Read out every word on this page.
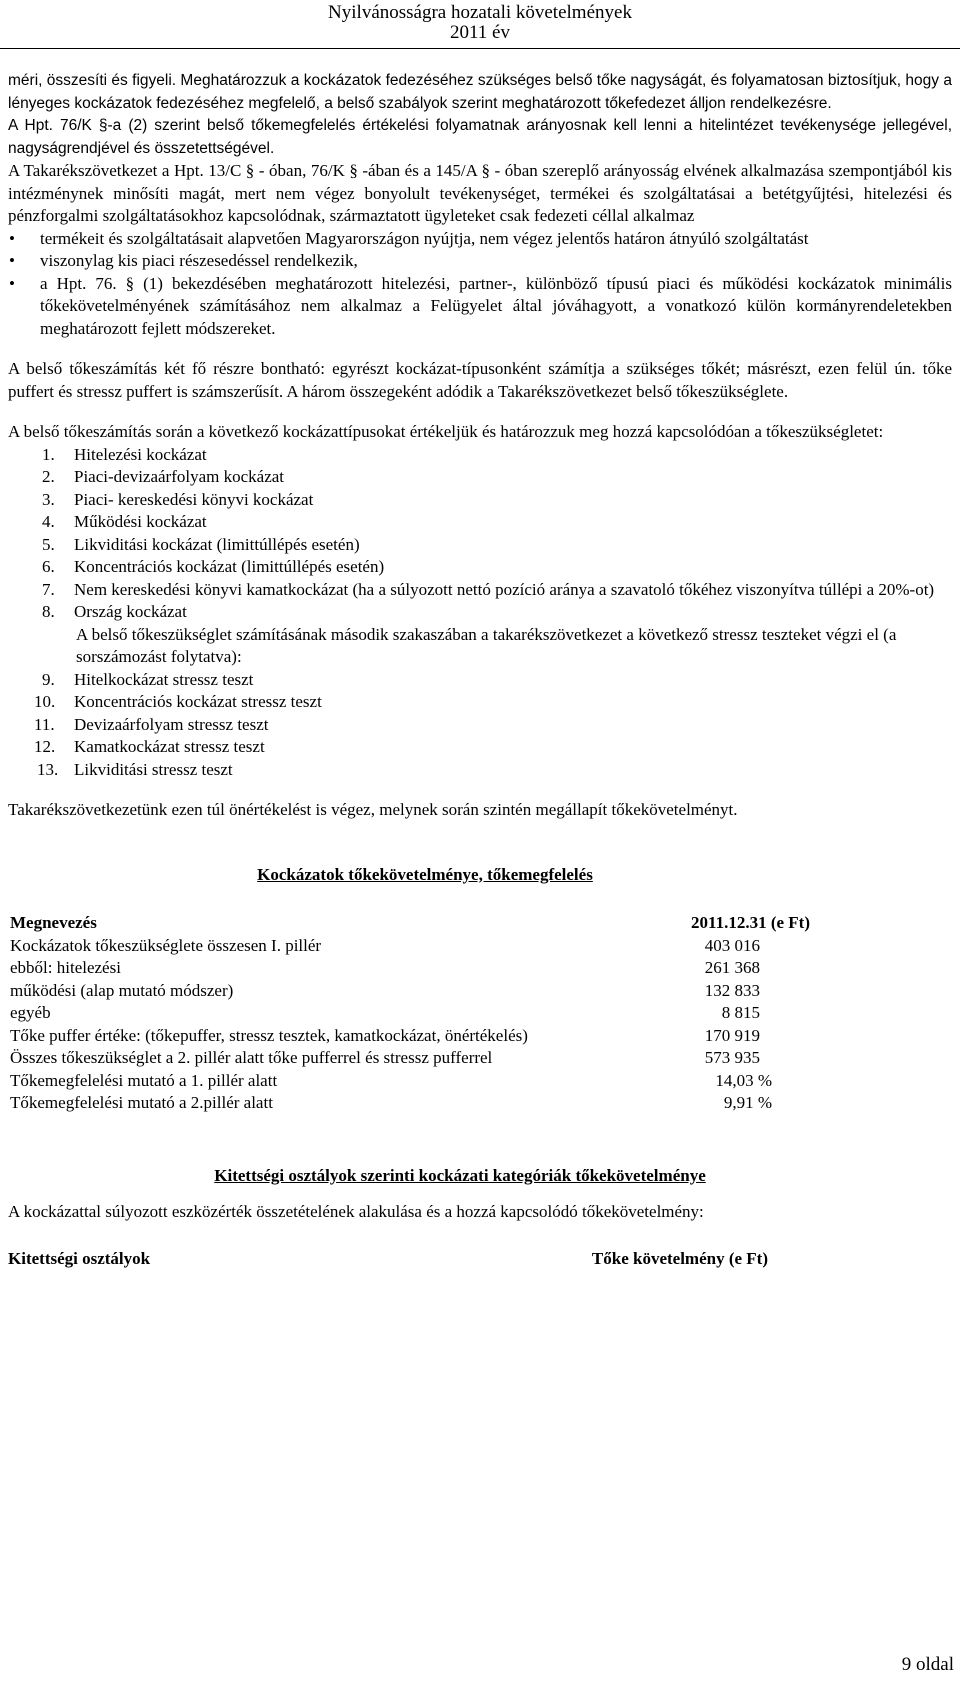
Nyilvánosságra hozatali követelmények
2011 év

méri, összesíti és figyeli. Meghatározzuk a kockázatok fedezéséhez szükséges belső tőke nagyságát, és folyamatosan biztosítjuk, hogy a lényeges kockázatok fedezéséhez megfelelő, a belső szabályok szerint meghatározott tőkefedezet álljon rendelkezésre.

A Hpt. 76/K §-a (2) szerint belső tőkemegfelelés értékelési folyamatnak arányosnak kell lenni a hitelintézet tevékenysége jellegével, nagyságrendjével és összetettségével.

A Takarékszövetkezet a Hpt. 13/C § - óban, 76/K § -ában és a 145/A § - óban szereplő arányosság elvének alkalmazása szempontjából kis intézménynek minősíti magát, mert nem végez bonyolult tevékenységet, termékei és szolgáltatásai a betétgyűjtési, hitelezési és pénzforgalmi szolgáltatásokhoz kapcsolódnak, származtatott ügyleteket csak fedezeti céllal alkalmaz

• termékeit és szolgáltatásait alapvetően Magyarországon nyújtja, nem végez jelentős határon átnyúló szolgáltatást
• viszonylag kis piaci részesedéssel rendelkezik,
• a Hpt. 76. § (1) bekezdésében meghatározott hitelezési, partner-, különböző típusú piaci és működési kockázatok minimális tőkekövetelményének számításához nem alkalmaz a Felügyelet által jóváhagyott, a vonatkozó külön kormányrendeletekben meghatározott fejlett módszereket.

A belső tőkeszámítás két fő részre bontható: egyrészt kockázat-típusonként számítja a szükséges tőkét; másrészt, ezen felül ún. tőke puffert és stressz puffert is számszerűsít. A három összegeként adódik a Takarékszövetkezet belső tőkeszükséglete.

A belső tőkeszámítás során a következő kockázattípusokat értékeljük és határozzuk meg hozzá kapcsolódóan a tőkeszükségletet:

1. Hitelezési kockázat
2. Piaci-devizaárfolyam kockázat
3. Piaci- kereskedési könyvi kockázat
4. Működési kockázat
5. Likviditási kockázat (limittúllépés esetén)
6. Koncentrációs kockázat (limittúllépés esetén)
7. Nem kereskedési könyvi kamatkockázat (ha a súlyozott nettó pozíció aránya a szavatoló tőkéhez viszonyítva túllépi a 20%-ot)
8. Ország kockázat
A belső tőkeszükséglet számításának második szakaszában a takarékszövetkezet a következő stressz teszteket végzi el (a sorszámozást folytatva):
9. Hitelkockázat stressz teszt
10. Koncentrációs kockázat stressz teszt
11. Devizaárfolyam stressz teszt
12. Kamatkockázat stressz teszt
13. Likviditási stressz teszt

Takarékszövetkezetünk ezen túl önértékelést is végez, melynek során szintén megállapít tőkekövetelményt.

Kockázatok tőkekövetelménye, tőkemegfelelés

Megnevezés	2011.12.31 (e Ft)
Kockázatok tőkeszükséglete összesen I. pillér	403 016
ebből: hitelezési	261 368
működési (alap mutató módszer)	132 833
egyéb	8 815
Tőke puffer értéke: (tőkepuffer, stressz tesztek, kamatkockázat, önértékelés)	170 919
Összes tőkeszükséglet a 2. pillér alatt tőke pufferrel és stressz pufferrel	573 935
Tőkemegfelelési mutató a 1. pillér alatt	14,03 %
Tőkemegfelelési mutató a 2.pillér alatt	9,91 %

Kitettségi osztályok szerinti kockázati kategóriák tőkekövetelménye

A kockázattal súlyozott eszközérték összetételének alakulása és a hozzá kapcsolódó tőkekövetelmény:

Kitettségi osztályok	Tőke követelmény (e Ft)
9 oldal
